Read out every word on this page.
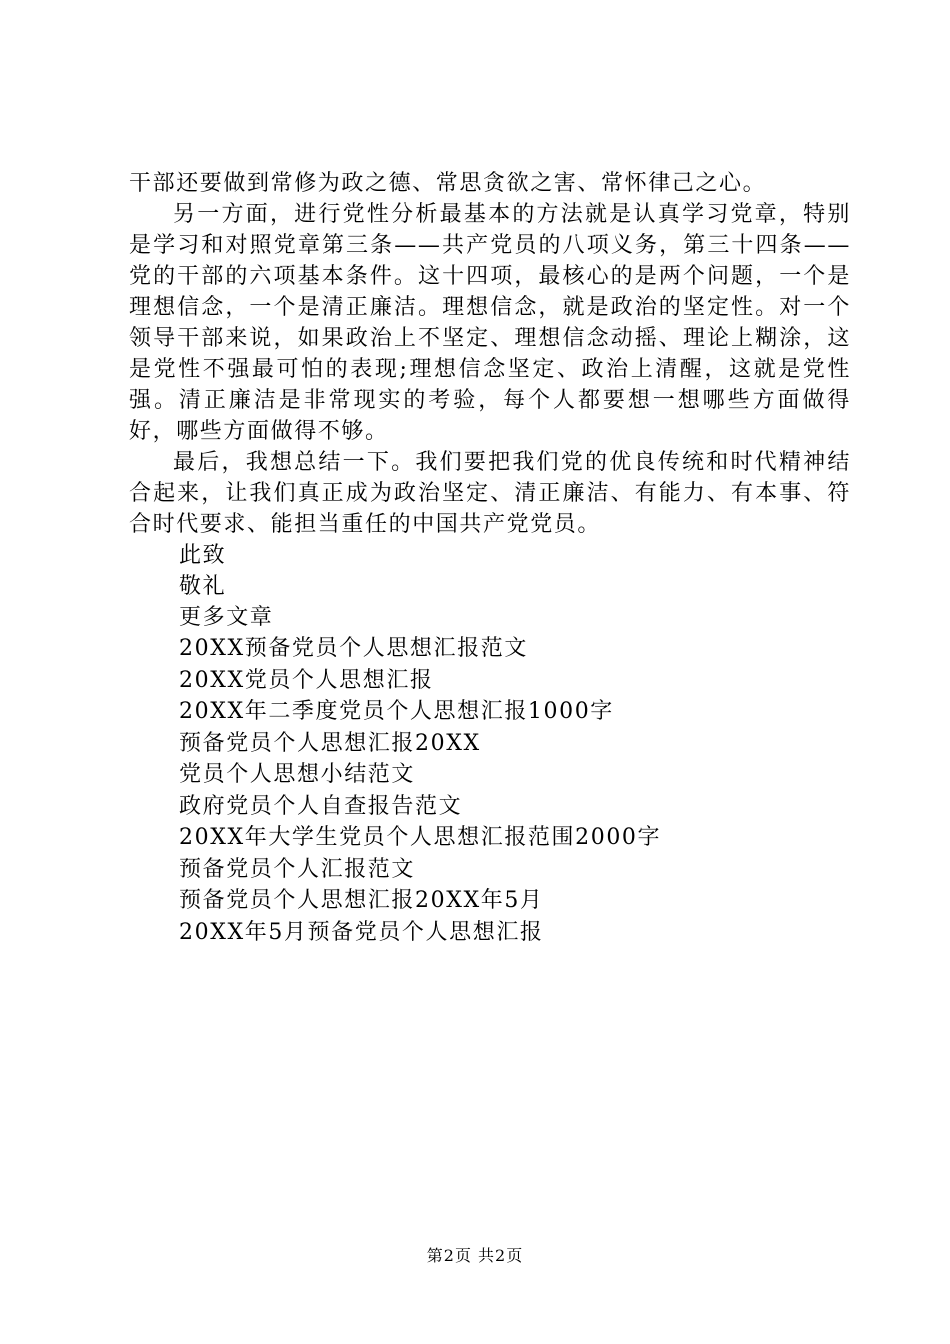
干部还要做到常修为政之德、常思贪欲之害、常怀律己之心。

另一方面，进行党性分析最基本的方法就是认真学习党章，特别是学习和对照党章第三条——共产党员的八项义务，第三十四条——党的干部的六项基本条件。这十四项，最核心的是两个问题，一个是理想信念，一个是清正廉洁。理想信念，就是政治的坚定性。对一个领导干部来说，如果政治上不坚定、理想信念动摇、理论上糊涂，这是党性不强最可怕的表现;理想信念坚定、政治上清醒，这就是党性强。清正廉洁是非常现实的考验，每个人都要想一想哪些方面做得好，哪些方面做得不够。

最后，我想总结一下。我们要把我们党的优良传统和时代精神结合起来，让我们真正成为政治坚定、清正廉洁、有能力、有本事、符合时代要求、能担当重任的中国共产党党员。

此致

敬礼

更多文章

20XX预备党员个人思想汇报范文
20XX党员个人思想汇报
20XX年二季度党员个人思想汇报1000字
预备党员个人思想汇报20XX
党员个人思想小结范文
政府党员个人自查报告范文
20XX年大学生党员个人思想汇报范围2000字
预备党员个人汇报范文
预备党员个人思想汇报20XX年5月
20XX年5月预备党员个人思想汇报
第2页 共2页
